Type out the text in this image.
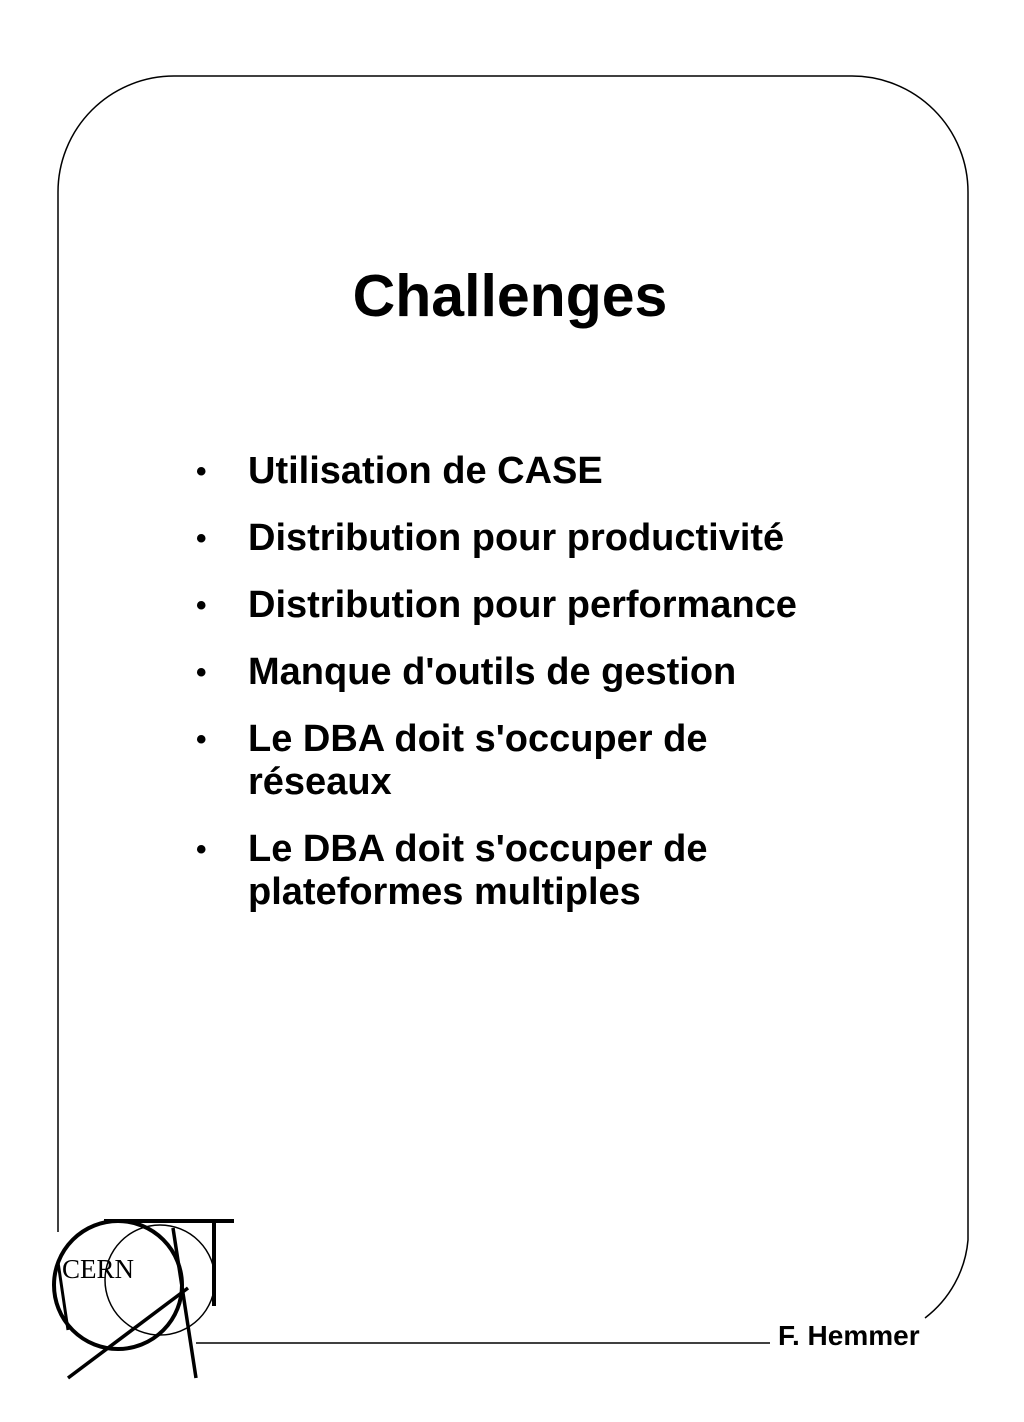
CERN
Challenges
• Utilisation de CASE
• Distribution pour productivité
• Distribution pour performance
• Manque d'outils de gestion
• Le DBA doit s'occuper de
réseaux
• Le DBA doit s'occuper de
plateformes multiples
F. Hemmer
